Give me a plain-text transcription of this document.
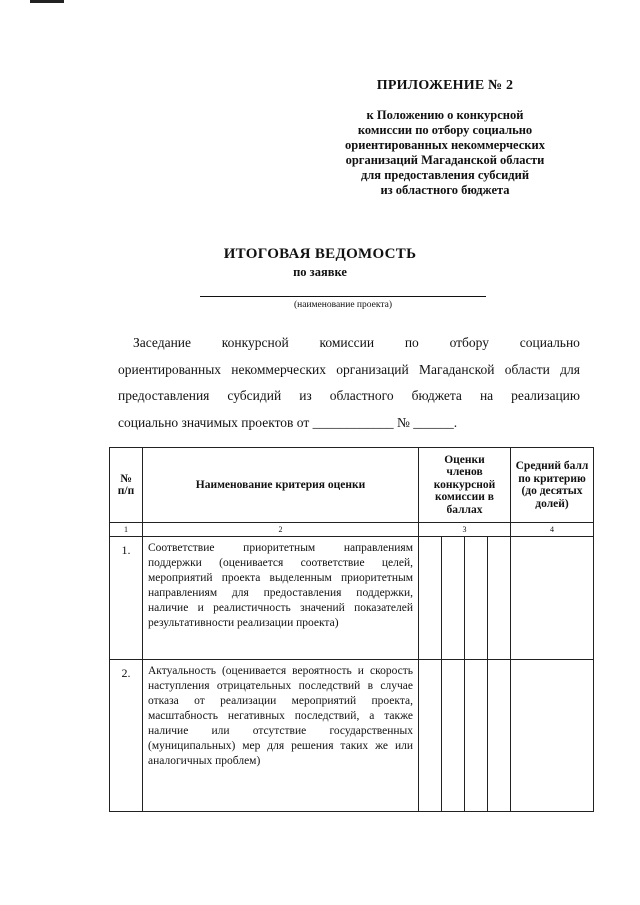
ПРИЛОЖЕНИЕ № 2
к Положению о конкурсной
комиссии по отбору социально
ориентированных некоммерческих
организаций Магаданской области
для предоставления субсидий
из областного бюджета
ИТОГОВАЯ ВЕДОМОСТЬ
по заявке
(наименование проекта)
Заседание конкурсной комиссии по отбору социально
ориентированных некоммерческих организаций Магаданской области для
предоставления субсидий из областного бюджета на реализацию
социально значимых проектов от ____________ № ______.
№ п/п	Наименование критерия оценки	Оценки членов конкурсной комиссии в баллах	Средний балл по критерию (до десятых долей)
1	2	3	4
1.	Соответствие приоритетным направлениям поддержки (оценивается соответствие целей, мероприятий проекта выделенным приоритетным направлениям для предоставления поддержки, наличие и реалистичность значений показателей результативности реализации проекта)	

2.	Актуальность (оценивается вероятность и скорость наступления отрицательных последствий в случае отказа от реализации мероприятий проекта, масштабность негативных последствий, а также наличие или отсутствие государственных (муниципальных) мер для решения таких же или аналогичных проблем)	
